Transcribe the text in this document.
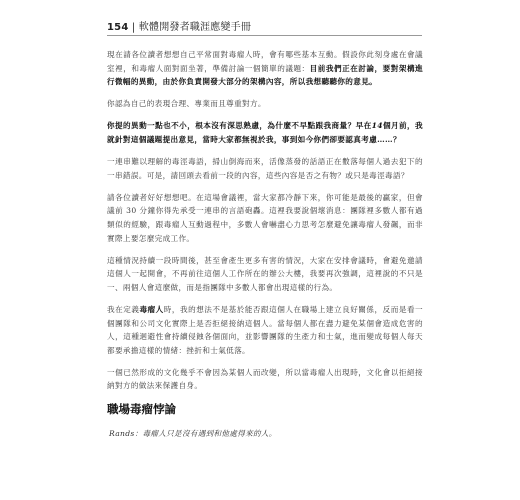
154 | 軟體開發者職涯應變手冊

現在請各位讀者想想自己平常面對毒瘤人時，會有哪些基本互動。假設你此刻身處在會議室裡，和毒瘤人面對面坐著，準備討論一個簡單的議題：目前我們正在討論，要對架構進行微幅的異動，由於你負責開發大部分的架構內容，所以我想聽聽你的意見。

你認為自己的表現合理、專業而且尊重對方。

你提的異動一點也不小，根本沒有深思熟慮，為什麼不早點跟我商量？早在14個月前，我就針對這個議題提出意見，當時大家都無視於我，事到如今你們卻要認真考慮……？

一連串難以理解的毒涇毒語，掃山倒海而來，活像蒸發的話語正在數落每個人過去犯下的一串錯誤。可是，請回頭去看前一段的內容，這些內容是否之有物？或只是毒涇毒語？

請各位讀者好好想想吧。在這場會議裡，當大家都冷靜下來，你可能是最後的贏家，但會議前 30 分鐘你得先承受一連串的言語砲轟。這裡我要說個壞消息：團隊裡多數人都有過類似的經驗，跟毒瘤人互動過程中，多數人會嚇盡心力思考怎麼避免讓毒瘤人發飆，而非實際上要怎麼完成工作。

這種情況持續一段時間後，甚至會產生更多有害的情況，大家在安排會議時，會避免邀請這個人一起開會，不再前往這個人工作所在的辦公大樓，我要再次強調，這裡說的不只是一、兩個人會這麼做，而是指團隊中多數人都會出現這樣的行為。

我在定義毒瘤人時，我的想法不是基於能否跟這個人在職場上建立良好關係，反而是看一個團隊和公司文化實際上是否拒絕接納這個人。當每個人都在盡力避免某個會造成危害的人，這種迴避性會持續侵蝕各個面向，並影響團隊的生產力和士氣，進而變成每個人每天都要承擔這樣的情緒：挫折和士氣低落。

一個已然形成的文化幾乎不會因為某個人而改變，所以當毒瘤人出現時，文化會以拒絕接納對方的做法來保護自身。

職場毒瘤悖論
Rands：毒瘤人只是沒有遇到和他處得來的人。
